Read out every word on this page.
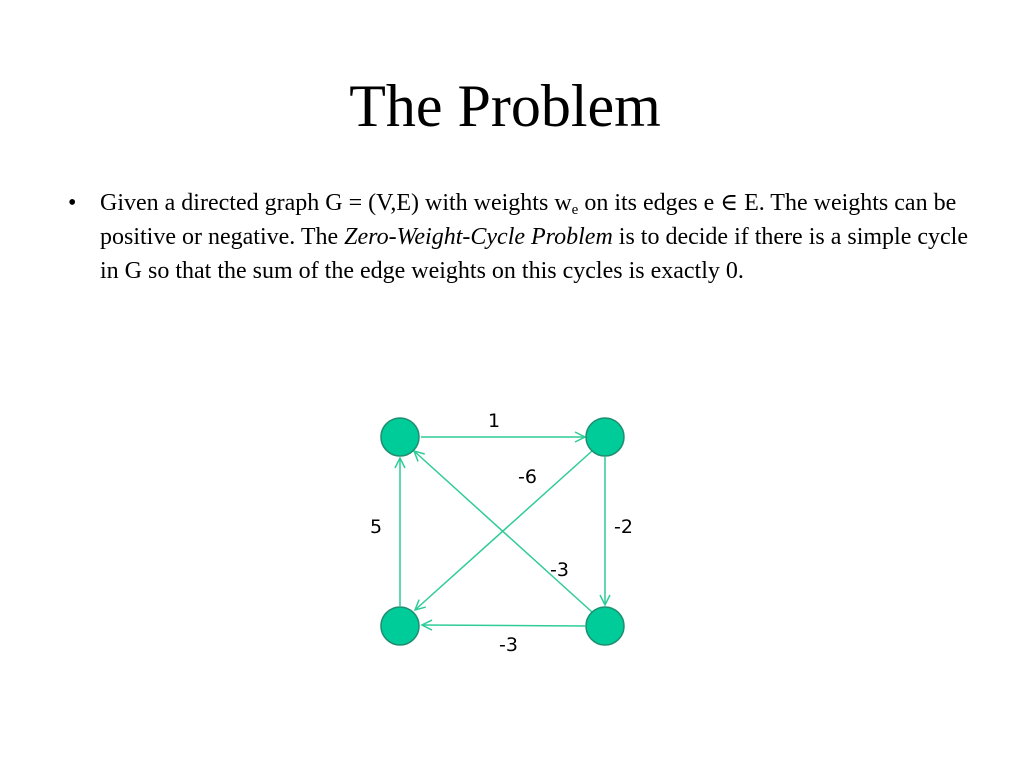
The Problem
• Given a directed graph G = (V,E) with weights $w_e$ on its edges e ∈ E. The weights can be positive or negative. The Zero-Weight-Cycle Problem is to decide if there is a simple cycle in G so that the sum of the edge weights on this cycles is exactly 0.
1
-6
-2
5
-3
-3
